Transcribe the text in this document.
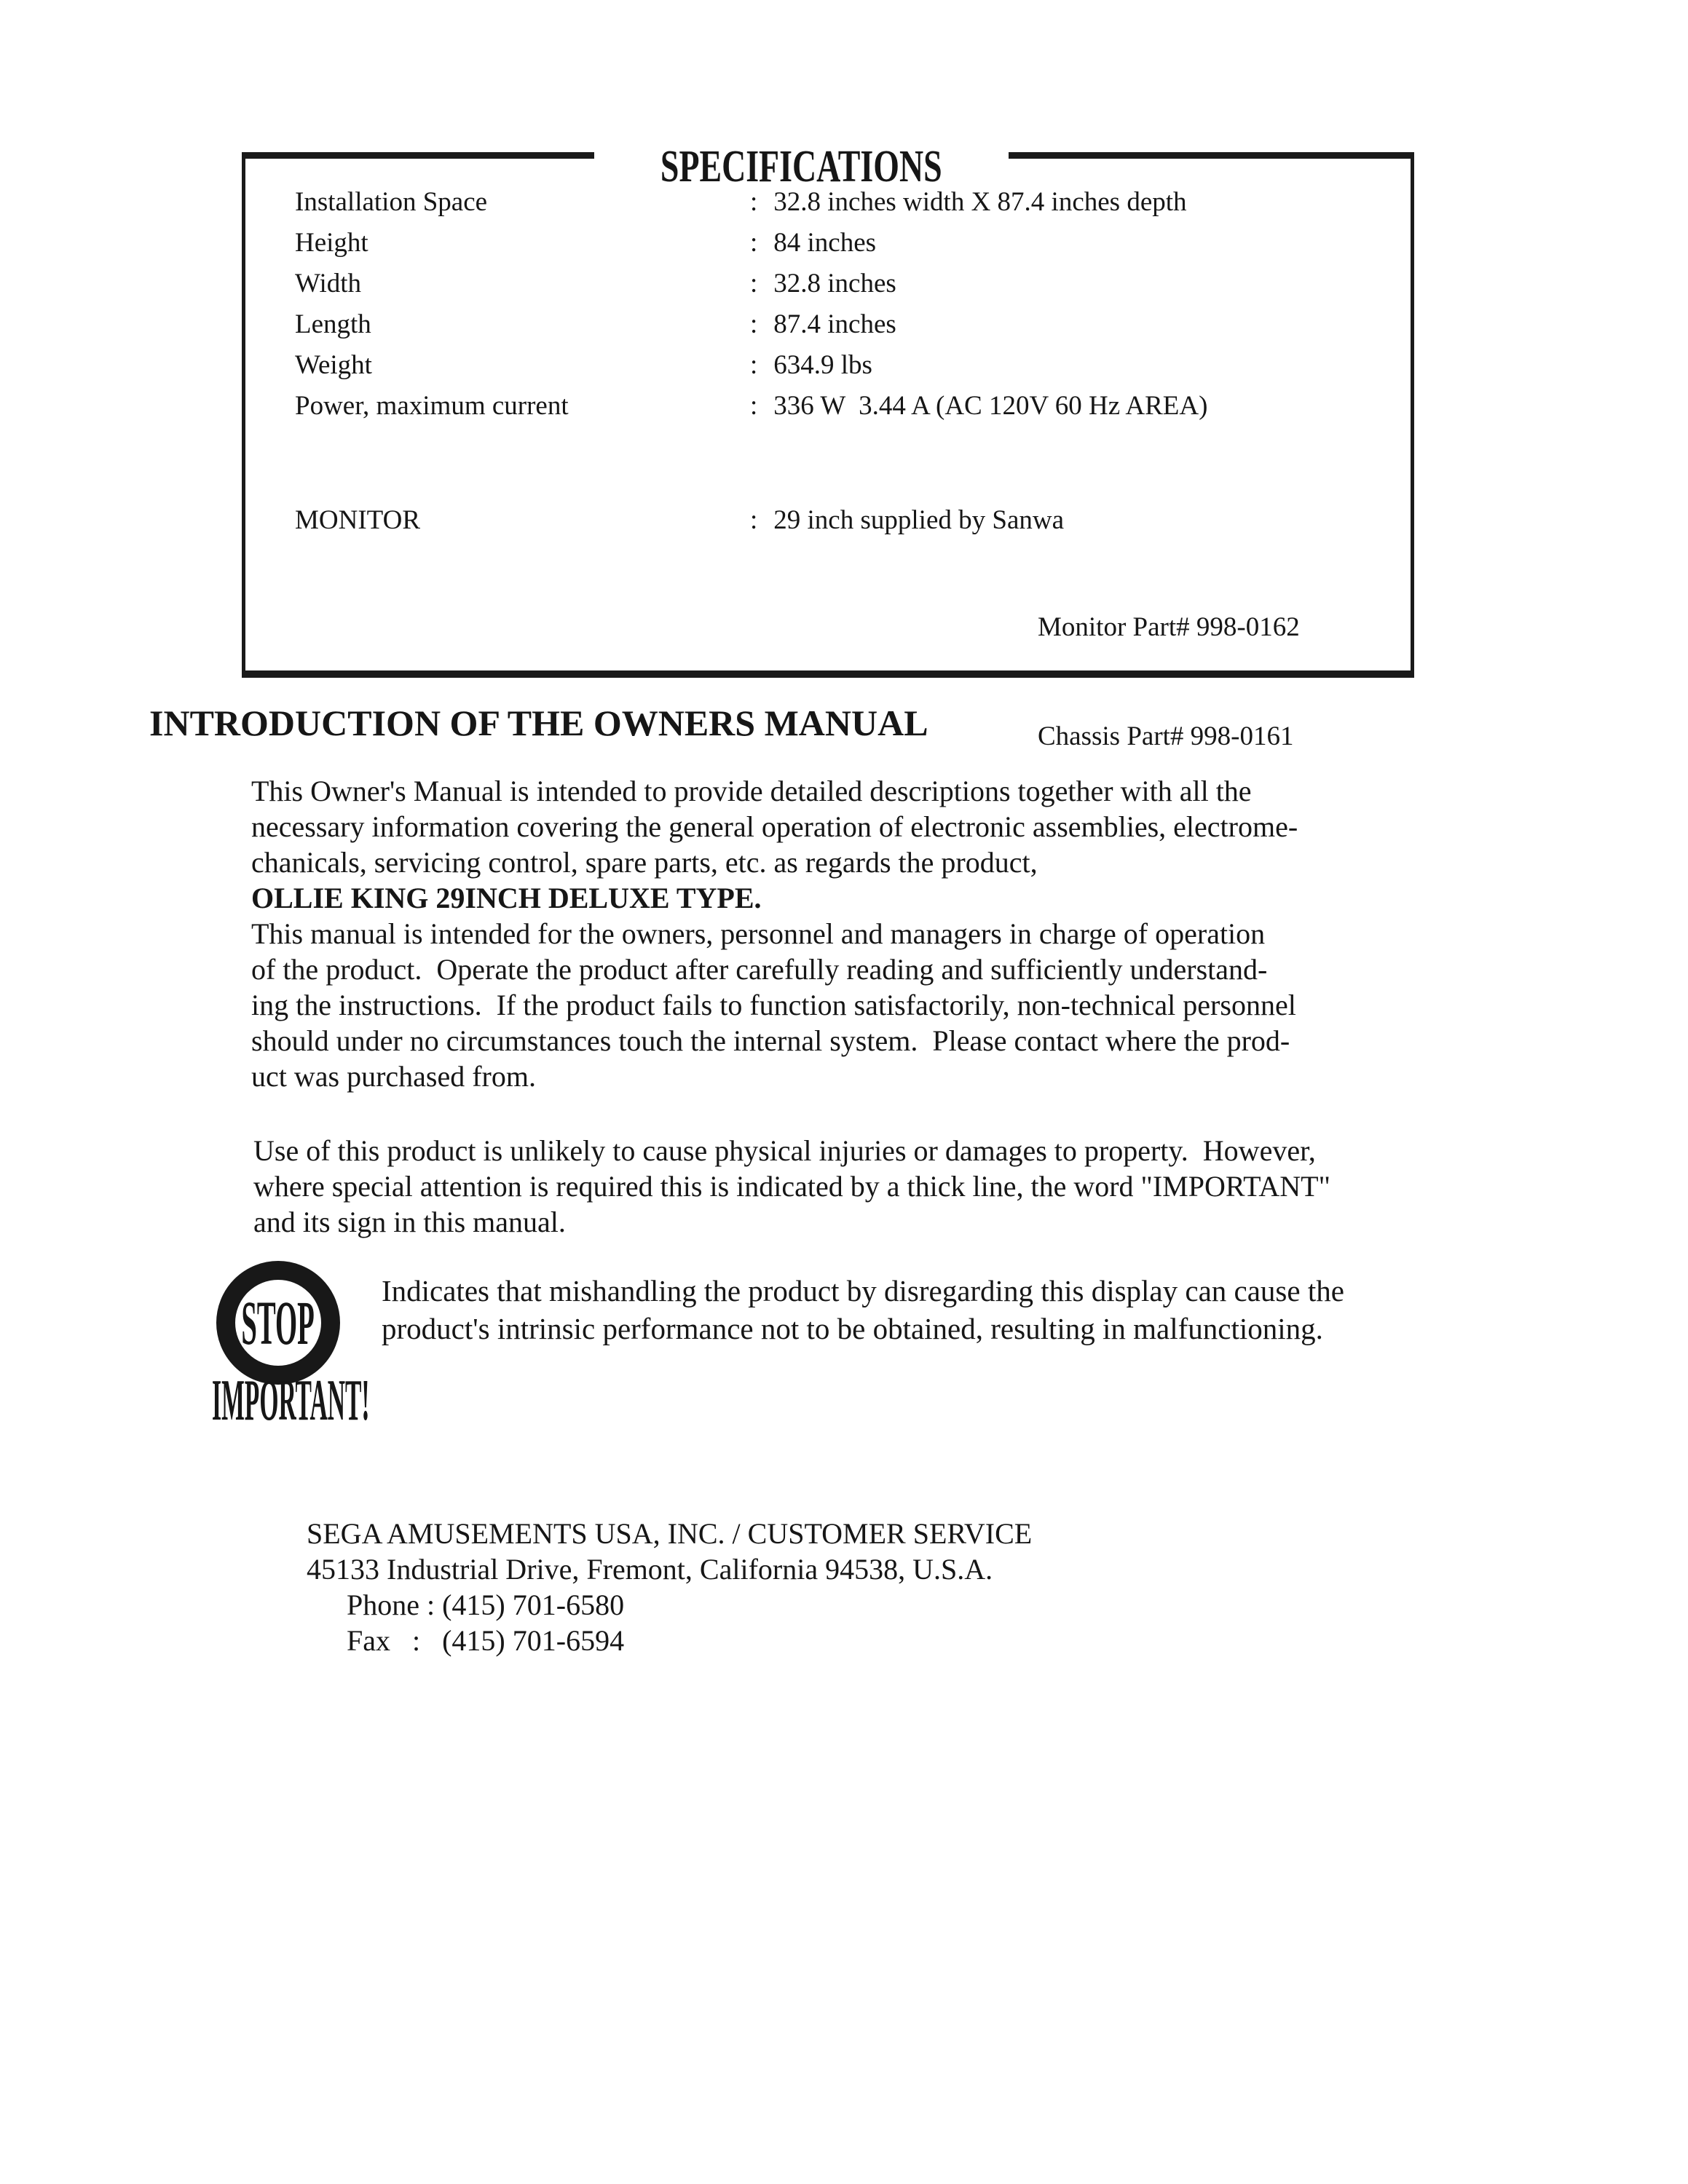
SPECIFICATIONS
Installation Space	: 32.8 inches width X 87.4 inches depth
Height	: 84 inches
Width	: 32.8 inches
Length	: 87.4 inches
Weight	: 634.9 lbs
Power, maximum current	: 336 W  3.44 A (AC 120V 60 Hz AREA)
MONITOR	: 29 inch supplied by Sanwa

Monitor Part# 998-0162

Chassis Part# 998-0161

INTRODUCTION OF THE OWNERS MANUAL
This Owner's Manual is intended to provide detailed descriptions together with all the
necessary information covering the general operation of electronic assemblies, electrome-
chanicals, servicing control, spare parts, etc. as regards the product,
OLLIE KING 29INCH DELUXE TYPE.
This manual is intended for the owners, personnel and managers in charge of operation
of the product.  Operate the product after carefully reading and sufficiently understand-
ing the instructions.  If the product fails to function satisfactorily, non-technical personnel
should under no circumstances touch the internal system.  Please contact where the prod-
uct was purchased from.
Use of this product is unlikely to cause physical injuries or damages to property.  However,
where special attention is required this is indicated by a thick line, the word "IMPORTANT"
and its sign in this manual.
STOP
IMPORTANT!
Indicates that mishandling the product by disregarding this display can cause the
product's intrinsic performance not to be obtained, resulting in malfunctioning.
SEGA AMUSEMENTS USA, INC. / CUSTOMER SERVICE
45133 Industrial Drive, Fremont, California 94538, U.S.A.
Phone : (415) 701-6580
Fax   :   (415) 701-6594
